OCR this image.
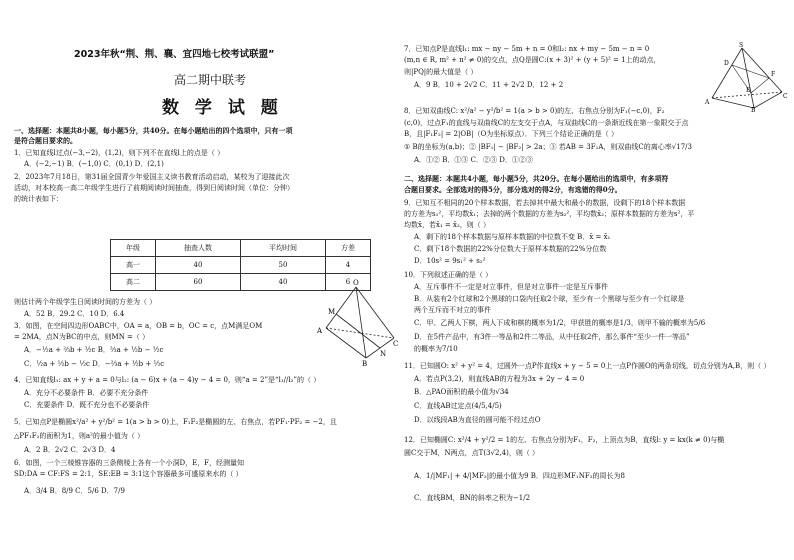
2023年秋“荆、荆、襄、宜四地七校考试联盟”
高二期中联考
数 学 试 题
一、选择题：本题共8小题，每小题5分，共40分。在每小题给出的四个选项中，只有一项
是符合题目要求的。
1．已知直线l过点(−3,−2)，(1,2)，则下列不在直线l上的点是（ ）
A．(−2,−1) B．(−1,0) C．(0,1) D．(2,1)
2．2023年7月18日，第31届全国青少年爱国主义读书教育活动启动，某校为了迎接此次
活动，对本校高一高二年级学生进行了前期阅读时间抽查，得到日阅读时间（单位：分钟）
的统计表如下：
年级	抽查人数	平均时间	方差
高一	40	50	4
高二	60	40	6
则估计两个年级学生日阅读时间的方差为（ ）
A．52 B．29.2 C．10 D．6.4
3．如图，在空间四边形OABC中，OA = a，OB = b，OC = c，点M满足OM
= 2MA，点N为BC的中点，则MN =（ ）
A．−½a + ⅔b + ½c B．⅔a + ½b − ½c
C．½a + ½b − ½c D．−⅔a + ½b + ½c
O
A
B
C
M
N
4．已知直线l₁: ax + y + a = 0与l₂: (a − 6)x + (a − 4)y − 4 = 0，则“a = 2”是“l₁//l₂”的（ ）
A．充分不必要条件 B．必要不充分条件
C．充要条件 D．既不充分也不必要条件
5．已知点P是椭圆x²/a² + y²/b² = 1(a > b > 0)上，F₁F₂是椭圆的左、右焦点，若PF₁·PF₂ = −2，且
△PF₁F₂的面积为1，则a²的最小值为（ ）
A．2 B．2√2 C．2√3 D．4
6．如图，一个三棱锥容器的三条侧棱上各有一个小洞D，E，F，经测量知
SD:DA = CF:FS = 2:1，SE:EB = 3:1这个容器最多可盛原来水的（ ）
A．3/4 B．8/9 C．5/6 D．7/9
7．已知点P是直线l₁: mx − ny − 5m + n = 0和l₂: nx + my − 5m − n = 0
(m,n ∈ R, m² + n² ≠ 0)的交点，点Q是圆C:(x + 3)² + (y + 5)² = 1上的动点，
则|PQ|的最大值是（ ）
A．9 B．10 + 2√2 C．11 + 2√2 D．12 + 2
S
D
F
E
A
B
C
8．已知双曲线C: x²/a² − y²/b² = 1(a > b > 0)的左、右焦点分别为F₁(−c,0)，F₂
(c,0)，过点F₁的直线与双曲线C的左支交于点A，与双曲线C的一条渐近线在第一象限交于点
B，且|F₁F₂| = 2|OB|（O为坐标原点）．下列三个结论正确的是（ ）
① B的坐标为(a,b)；② |BF₁| − |BF₂| > 2a；③ 若AB = 3F₁A，则双曲线C的离心率√17/3
A．①② B．①③ C．②③ D．①②③
二、选择题：本题共4小题，每小题5分，共20分。在每小题给出的选项中，有多项符
合题目要求。全部选对的得5分，部分选对的得2分，有选错的得0分。
9．已知互不相同的20个样本数据，若去掉其中最大和最小的数据，设剩下的18个样本数据
的方差为s₁²，平均数x̄₁；去掉的两个数据的方差为s₂²，平均数x̄₂；原样本数据的方差为s²，平
均数x̄，若x̄₁ = x̄₂，则（ ）
A．剩下的18个样本数据与原样本数据的中位数不变 B．x̄ = x̄₁
C．剩下18个数据的22%分位数大于原样本数据的22%分位数
D．10s² = 9s₁² + s₂²
10．下列叙述正确的是（ ）
A．互斥事件不一定是对立事件，但是对立事件一定是互斥事件
B．从装有2个红球和2个黑球的口袋内任取2个球，至少有一个黑球与至少有一个红球是
两个互斥而不对立的事件
C．甲、乙两人下棋，两人下成和棋的概率为1/2，甲获胜的概率是1/3，则甲不输的概率为5/6
D．在5件产品中，有3件一等品和2件二等品，从中任取2件，那么事件“至少一件一等品”
的概率为7/10
11．已知圆O: x² + y² = 4，过圆外一点P作直线x + y − 5 = 0上一点P作圆O的两条切线，切点分别为A,B，则（ ）
A．若点P(3,2)，则直线AB的方程为3x + 2y − 4 = 0
B．△PAO面积的最小值为√34
C．直线AB过定点(4/5,4/5)
D．以线段AB为直径的圆可能不经过点O
12．已知椭圆C: x²/4 + y²/2 = 1的左、右焦点分别为F₁，F₂，上顶点为B，直线l: y = kx(k ≠ 0)与椭
圆C交于M，N两点，点T(3√2,4)，则（ ）
A．1/|MF₁| + 4/|MF₂|的最小值为9 B．四边形MF₁NF₂的周长为8
C．直线BM，BN的斜率之积为−1/2
